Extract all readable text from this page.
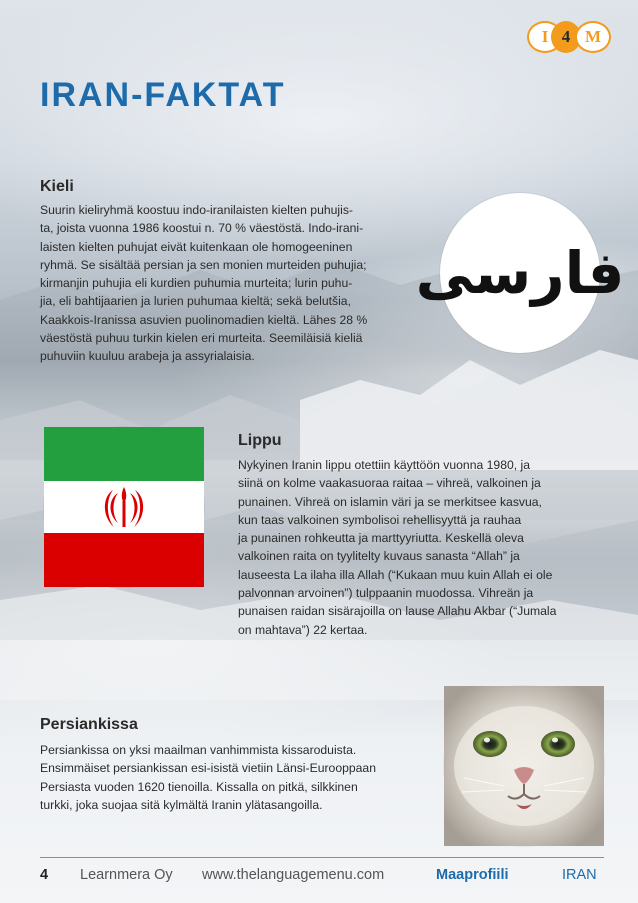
I 4 M
IRAN-FAKTAT
Kieli
Suurin kieliryhmä koostuu indo-iranilaisten kielten puhujis-
ta, joista vuonna 1986 koostui n. 70 % väestöstä. Indo-irani-
laisten kielten puhujat eivät kuitenkaan ole homogeeninen
ryhmä. Se sisältää persian ja sen monien murteiden puhujia;
kirmanjin puhujia eli kurdien puhumia murteita; lurin puhu-
jia, eli bahtijaarien ja lurien puhumaa kieltä; sekä belutšia,
Kaakkois-Iranissa asuvien puolinomadien kieltä. Lähes 28 %
väestöstä puhuu turkin kielen eri murteita. Seemiläisiä kieliä
puhuviin kuuluu arabeja ja assyrialaisia.
فارسی
Lippu
Nykyinen Iranin lippu otettiin käyttöön vuonna 1980, ja
siinä on kolme vaakasuoraa raitaa – vihreä, valkoinen ja
punainen. Vihreä on islamin väri ja se merkitsee kasvua,
kun taas valkoinen symbolisoi rehellisyyttä ja rauhaa
ja punainen rohkeutta ja marttyyriutta. Keskellä oleva
valkoinen raita on tyylitelty kuvaus sanasta “Allah” ja
lauseesta La ilaha illa Allah (“Kukaan muu kuin Allah ei ole
palvonnan arvoinen”) tulppaanin muodossa. Vihreän ja
punaisen raidan sisärajoilla on lause Allahu Akbar (“Jumala
on mahtava”) 22 kertaa.
Persiankissa
Persiankissa on yksi maailman vanhimmista kissaroduista.
Ensimmäiset persiankissan esi-isistä vietiin Länsi-Eurooppaan
Persiasta vuoden 1620 tienoilla. Kissalla on pitkä, silkkinen
turkki, joka suojaa sitä kylmältä Iranin ylätasangoilla.
4 Learnmera Oy www.thelanguagemenu.com	Maaprofiili	IRAN
